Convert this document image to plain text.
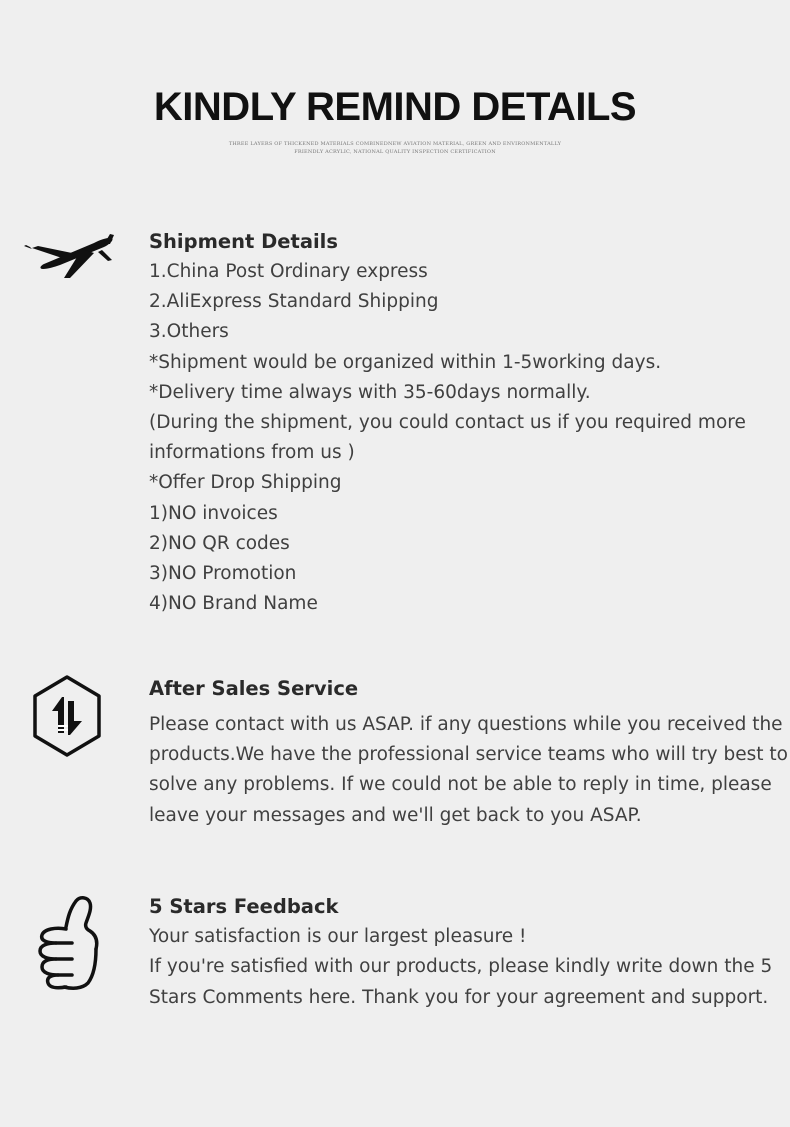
KINDLY REMIND DETAILS
THREE LAYERS OF THICKENED MATERIALS COMBINEDNEW AVIATION MATERIAL, GREEN AND ENVIRONMENTALLY
FRIENDLY ACRYLIC, NATIONAL QUALITY INSPECTION CERTIFICATION
Shipment Details
1.China Post Ordinary express
2.AliExpress Standard Shipping
3.Others
*Shipment would be organized within 1-5working days.
*Delivery time always with 35-60days normally.
(During the shipment, you could contact us if you required more
informations from us )
*Offer Drop Shipping
1)NO invoices
2)NO QR codes
3)NO Promotion
4)NO Brand Name
After Sales Service
Please contact with us ASAP. if any questions while you received the
products.We have the professional service teams who will try best to
solve any problems. If we could not be able to reply in time, please
leave your messages and we'll get back to you ASAP.
5 Stars Feedback
Your satisfaction is our largest pleasure !
If you're satisfied with our products, please kindly write down the 5
Stars Comments here. Thank you for your agreement and support.
